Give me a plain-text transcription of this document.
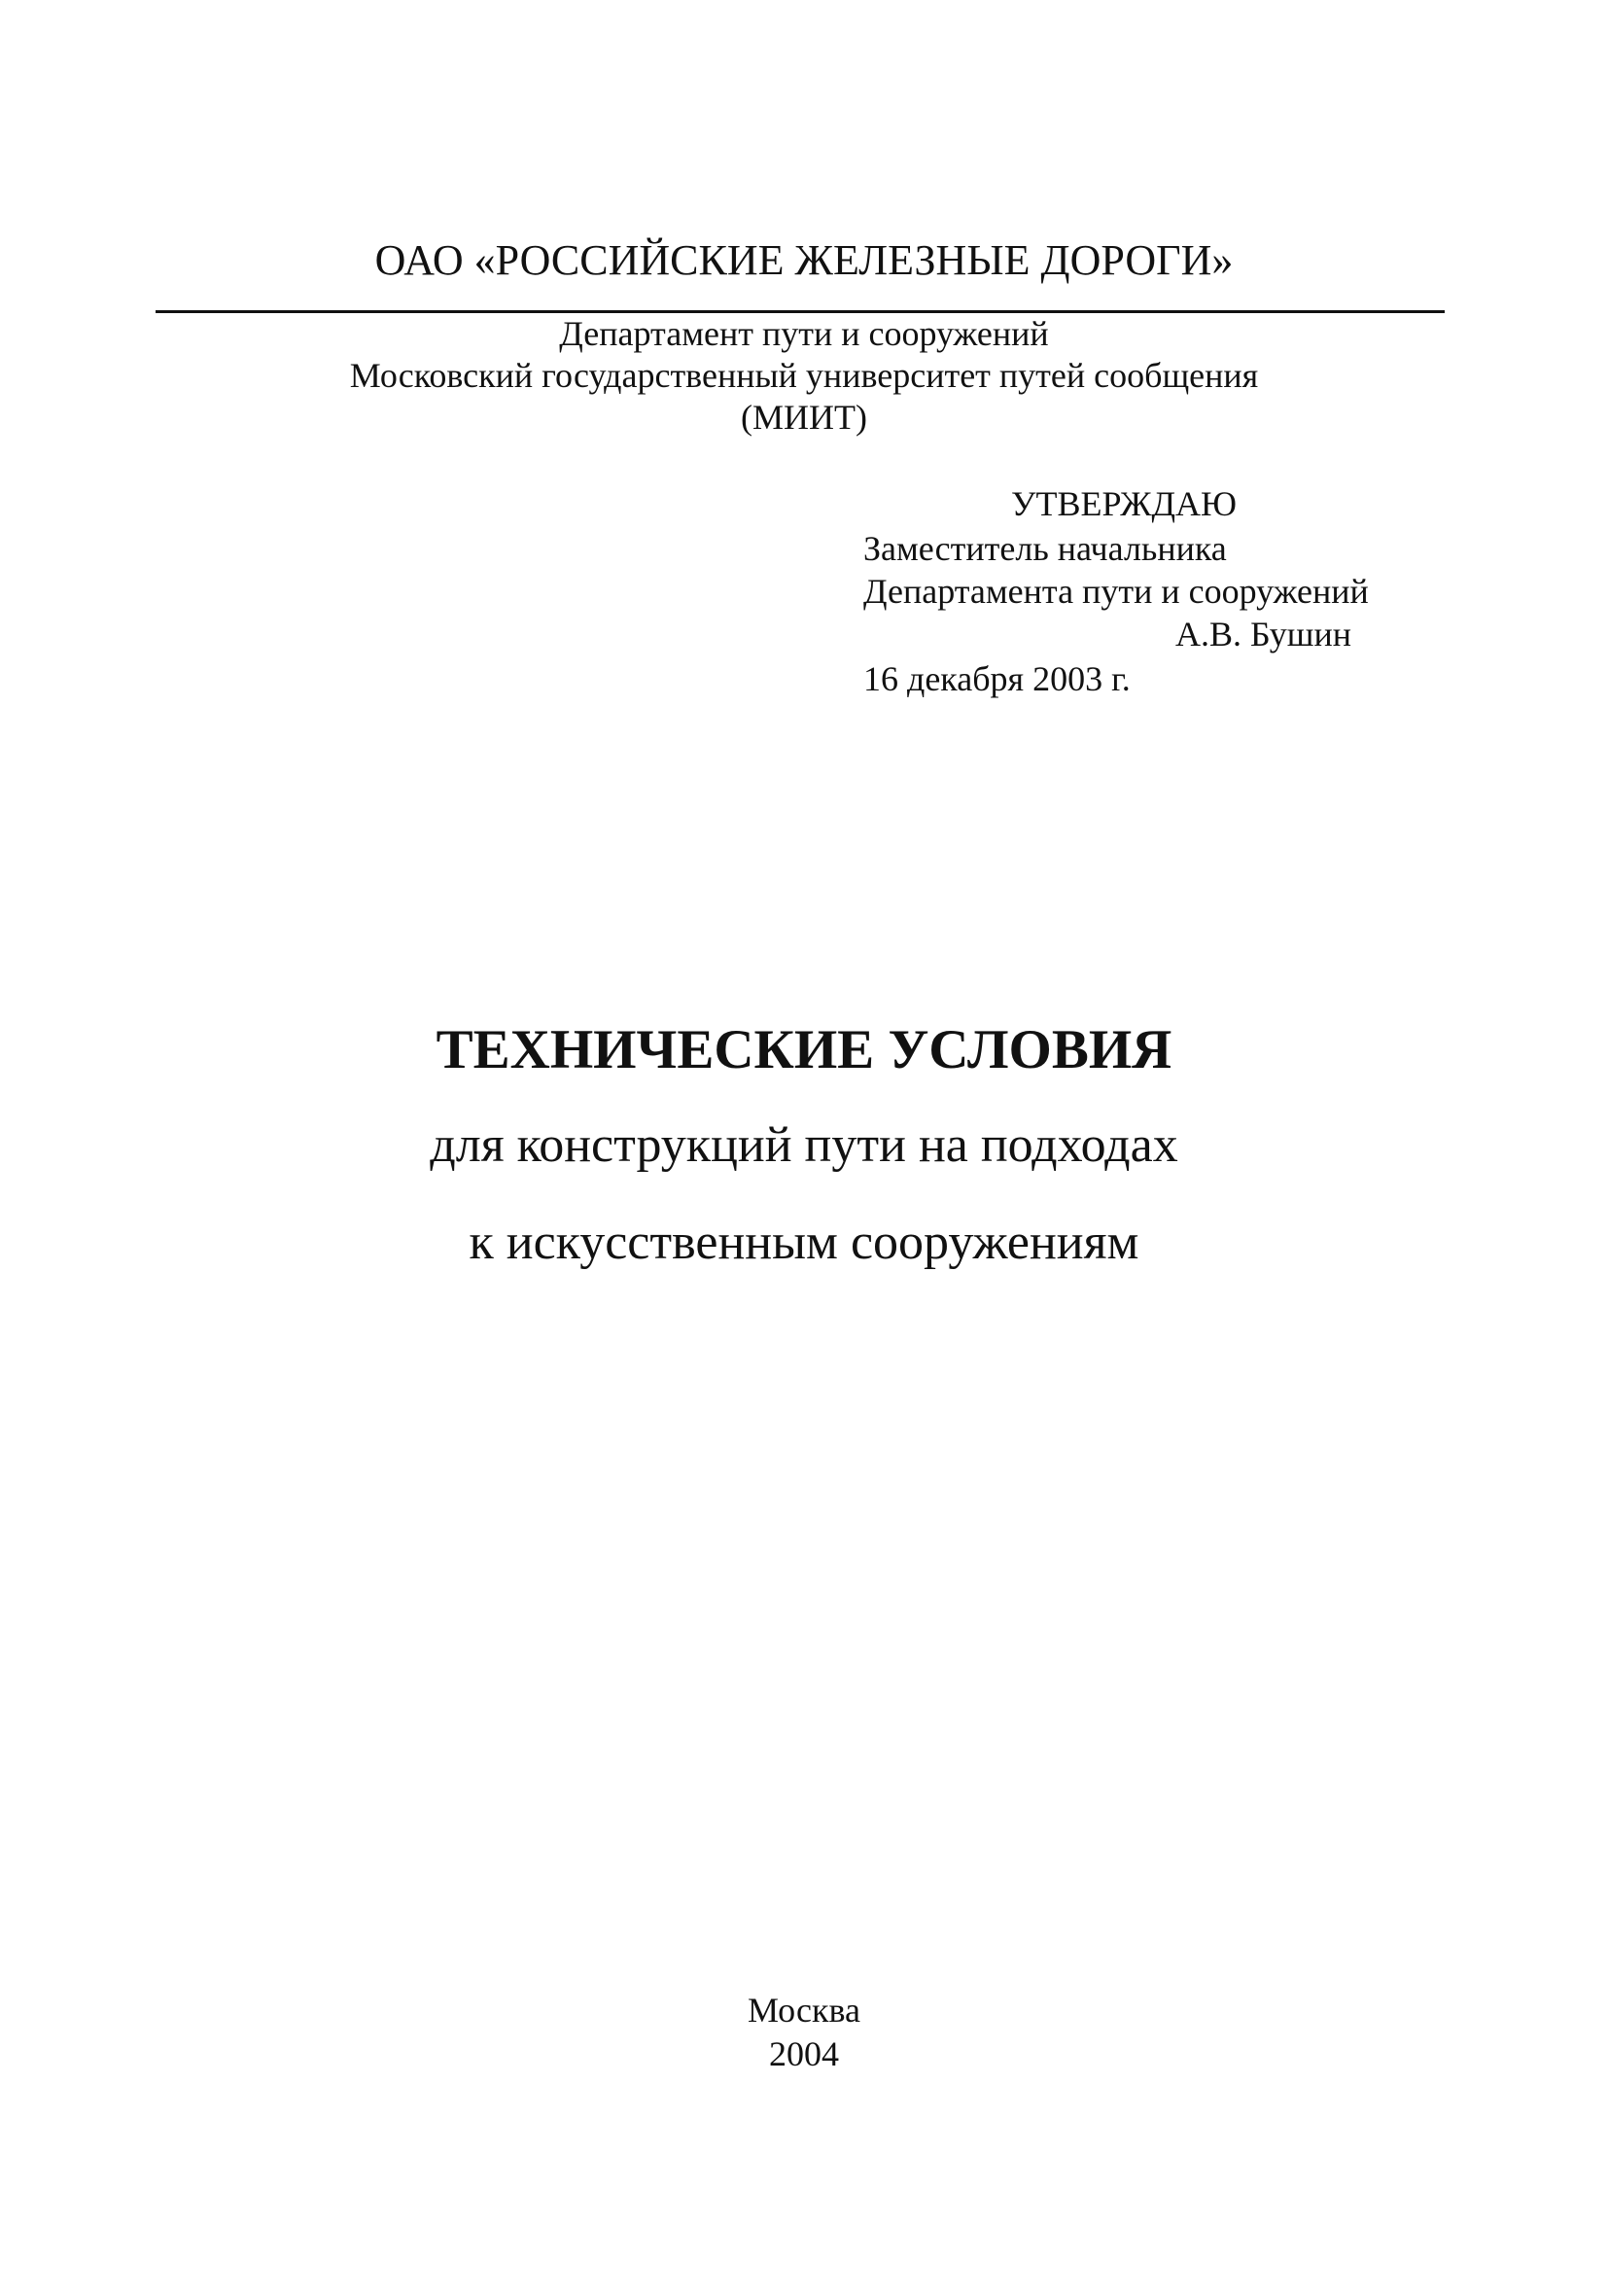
ОАО «РОССИЙСКИЕ ЖЕЛЕЗНЫЕ ДОРОГИ»
Департамент пути и сооружений
Московский государственный университет путей сообщения
(МИИТ)
УТВЕРЖДАЮ
Заместитель начальника
Департамента пути и сооружений
А.В. Бушин
16 декабря 2003 г.
ТЕХНИЧЕСКИЕ УСЛОВИЯ
для конструкций пути на подходах
к искусственным сооружениям
Москва
2004
